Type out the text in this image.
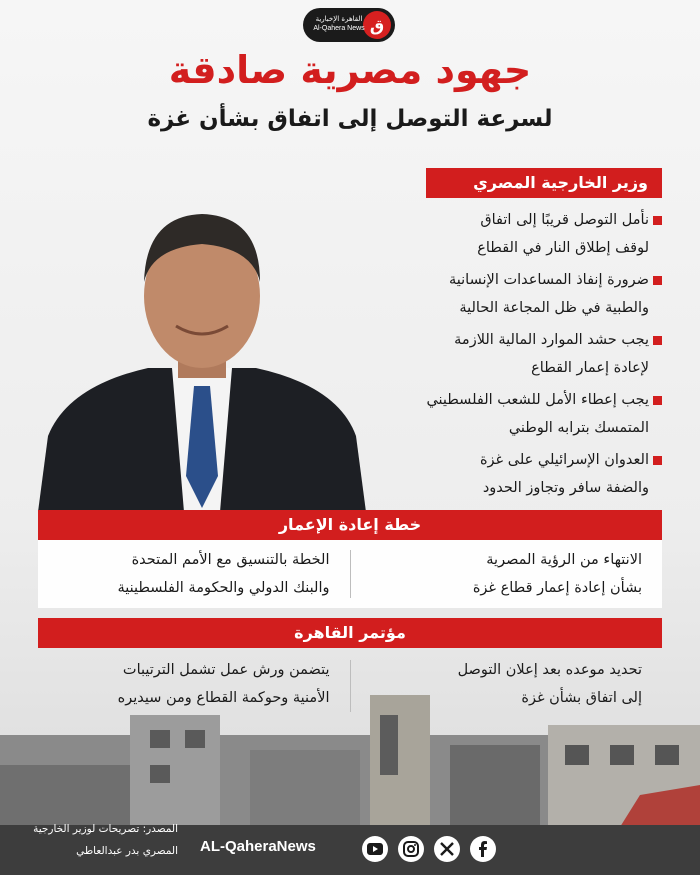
القاهرة الإخبارية
Al-Qahera News ق
جهود مصرية صادقة
لسرعة التوصل إلى اتفاق بشأن غزة
وزير الخارجية المصري
نأمل التوصل قريبًا إلى اتفاق
لوقف إطلاق النار في القطاع
ضرورة إنفاذ المساعدات الإنسانية
والطبية في ظل المجاعة الحالية
يجب حشد الموارد المالية اللازمة
لإعادة إعمار القطاع
يجب إعطاء الأمل للشعب الفلسطيني
المتمسك بترابه الوطني
العدوان الإسرائيلي على غزة
والضفة سافر وتجاوز الحدود
خطة إعادة الإعمار
الانتهاء من الرؤية المصرية
بشأن إعادة إعمار قطاع غزة
الخطة بالتنسيق مع الأمم المتحدة
والبنك الدولي والحكومة الفلسطينية
مؤتمر القاهرة
تحديد موعده بعد إعلان التوصل
إلى اتفاق بشأن غزة
يتضمن ورش عمل تشمل الترتيبات
الأمنية وحوكمة القطاع ومن سيديره
المصدر: تصريحات لوزير الخارجية
المصري بدر عبدالعاطي AL-QaheraNews
